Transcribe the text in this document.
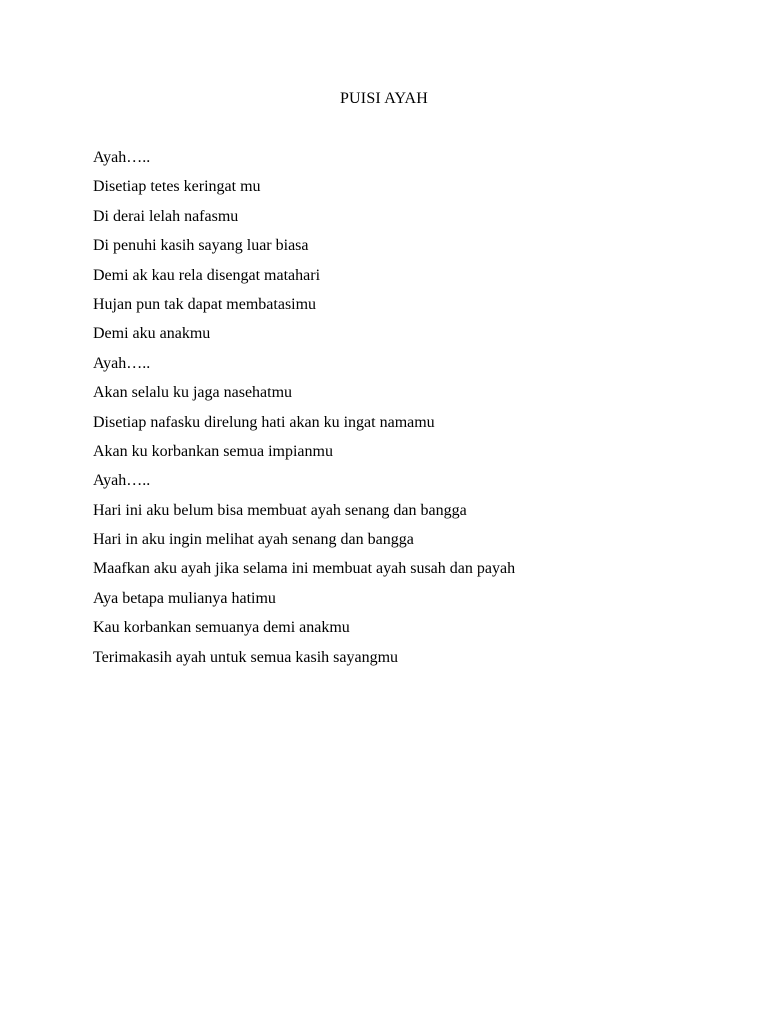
PUISI AYAH
Ayah…..
Disetiap tetes keringat mu
Di derai lelah nafasmu
Di penuhi kasih sayang luar biasa
Demi ak kau rela disengat matahari
Hujan pun tak dapat membatasimu
Demi aku anakmu
Ayah…..
Akan selalu ku jaga nasehatmu
Disetiap nafasku direlung hati akan ku ingat namamu
Akan ku korbankan semua impianmu
Ayah…..
Hari ini aku belum bisa membuat ayah senang dan bangga
Hari in aku ingin melihat ayah senang dan bangga
Maafkan aku ayah jika selama ini membuat ayah susah dan payah
Aya betapa mulianya hatimu
Kau korbankan semuanya demi anakmu
Terimakasih ayah untuk semua kasih sayangmu
